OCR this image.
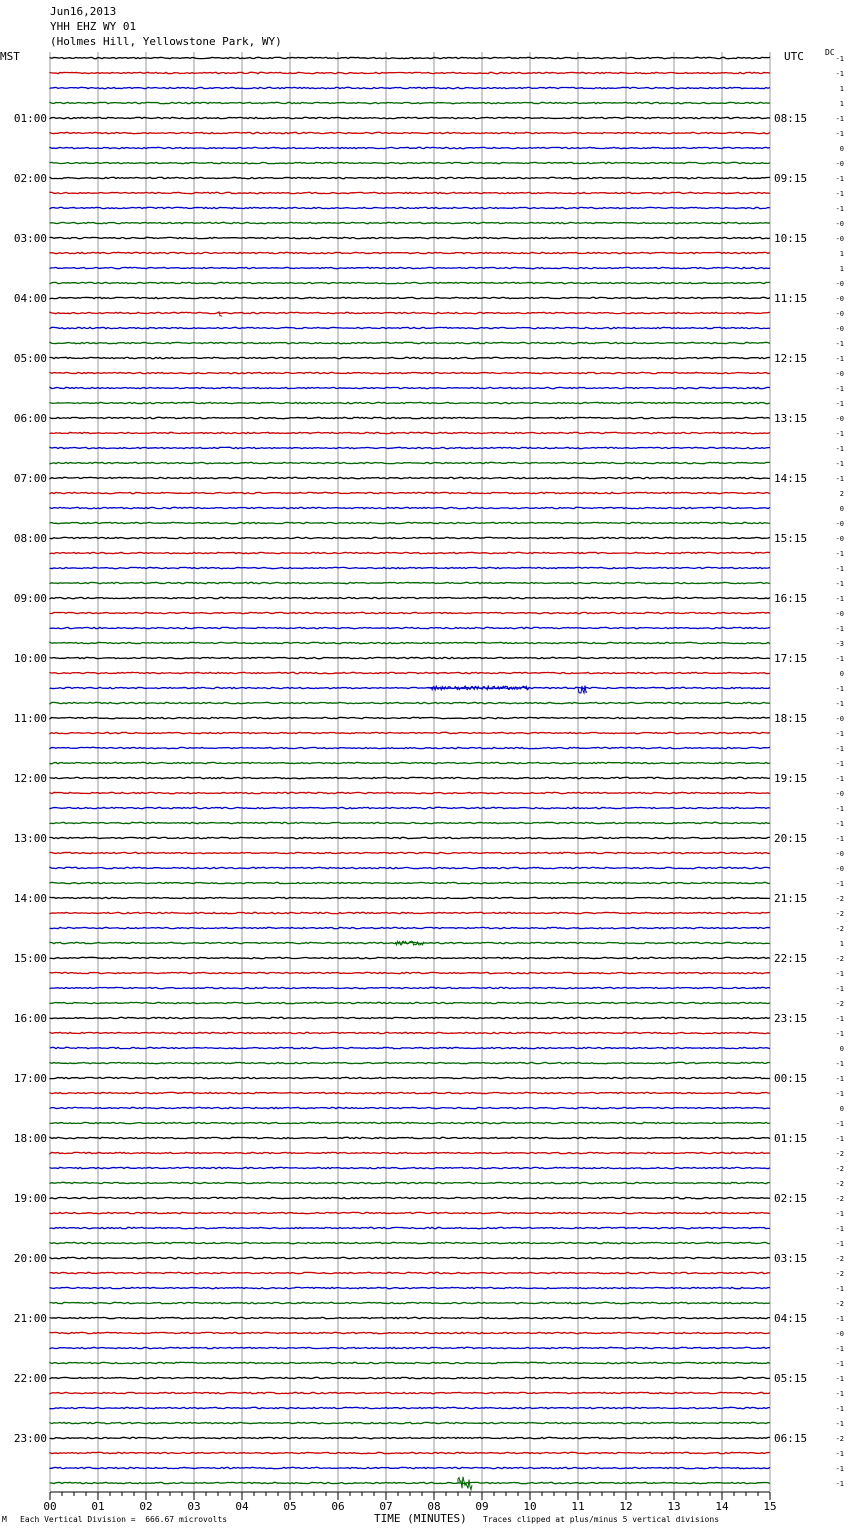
Jun16,2013
YHH EHZ WY 01
(Holmes Hill, Yellowstone Park, WY)
MST	UTC	DC
01:00
02:00
03:00
04:00
05:00
06:00
07:00
08:00
09:00
10:00
11:00
12:00
13:00
14:00
15:00
16:00
17:00
18:00
19:00
20:00
21:00
22:00
23:00
08:15
09:15
10:15
11:15
12:15
13:15
14:15
15:15
16:15
17:15
18:15
19:15
20:15
21:15
22:15
23:15
00:15
01:15
02:15
03:15
04:15
05:15
06:15
-1
-1
1
1
-1
-1
0
-0
-1
-1
-1
-0
-0
1
1
-0
-0
-0
-0
-1
-1
-0
-1
-1
-0
-1
-1
-1
-1
2
0
-0
-0
-1
-1
-1
-1
-0
-1
-3
-1
0
-1
-1
-0
-1
-1
-1
-1
-0
-1
-1
-1
-0
-0
-1
-2
-2
-2
1
-2
-1
-1
-2
-1
-1
0
-1
-1
-1
0
-1
-1
-2
-2
-2
-2
-1
-1
-1
-2
-2
-1
-2
-1
-0
-1
-1
-1
-1
-1
-1
-2
-1
-1
-1
00	01	02	03	04	05	06	07	08	09	10	11	12	13	14	15
M Each Vertical Division =  666.67 microvolts	TIME (MINUTES) Traces clipped at plus/minus 5 vertical divisions
